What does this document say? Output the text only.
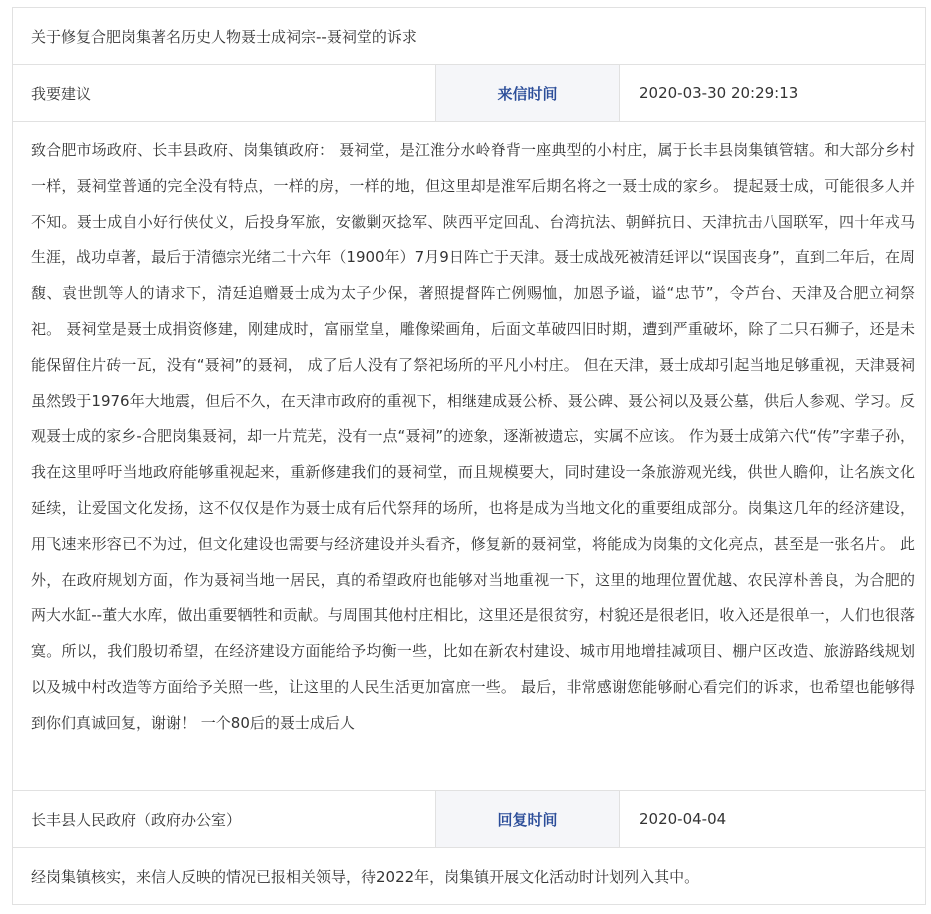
关于修复合肥岗集著名历史人物聂士成祠宗--聂祠堂的诉求
我要建议	来信时间	2020-03-30 20:29:13
致合肥市场政府、长丰县政府、岗集镇政府： 聂祠堂，是江淮分水岭脊背一座典型的小村庄，属于长丰县岗集镇管辖。和大部分乡村一样，聂祠堂普通的完全没有特点，一样的房，一样的地，但这里却是淮军后期名将之一聂士成的家乡。 提起聂士成，可能很多人并不知。聂士成自小好行侠仗义，后投身军旅，安徽剿灭捻军、陕西平定回乱、台湾抗法、朝鲜抗日、天津抗击八国联军，四十年戎马生涯，战功卓著，最后于清德宗光绪二十六年（1900年）7月9日阵亡于天津。聂士成战死被清廷评以“误国丧身”，直到二年后，在周馥、袁世凯等人的请求下，清廷追赠聂士成为太子少保，著照提督阵亡例赐恤，加恩予谥，谥“忠节”，令芦台、天津及合肥立祠祭祀。 聂祠堂是聂士成捐资修建，刚建成时，富丽堂皇，雕像梁画角，后面文革破四旧时期，遭到严重破坏，除了二只石狮子，还是未能保留住片砖一瓦，没有“聂祠”的聂祠， 成了后人没有了祭祀场所的平凡小村庄。 但在天津，聂士成却引起当地足够重视，天津聂祠虽然毁于1976年大地震，但后不久，在天津市政府的重视下，相继建成聂公桥、聂公碑、聂公祠以及聂公墓，供后人参观、学习。反观聂士成的家乡-合肥岗集聂祠，却一片荒芜，没有一点“聂祠”的迹象，逐渐被遗忘，实属不应该。 作为聂士成第六代“传”字辈子孙，我在这里呼吁当地政府能够重视起来，重新修建我们的聂祠堂，而且规模要大，同时建设一条旅游观光线，供世人瞻仰，让名族文化延续，让爱国文化发扬，这不仅仅是作为聂士成有后代祭拜的场所，也将是成为当地文化的重要组成部分。岗集这几年的经济建设，用飞速来形容已不为过，但文化建设也需要与经济建设并头看齐，修复新的聂祠堂，将能成为岗集的文化亮点，甚至是一张名片。 此外，在政府规划方面，作为聂祠当地一居民，真的希望政府也能够对当地重视一下，这里的地理位置优越、农民淳朴善良，为合肥的两大水缸--董大水库，做出重要牺牲和贡献。与周围其他村庄相比，这里还是很贫穷，村貌还是很老旧，收入还是很单一，人们也很落寞。所以，我们殷切希望，在经济建设方面能给予均衡一些，比如在新农村建设、城市用地增挂减项目、棚户区改造、旅游路线规划以及城中村改造等方面给予关照一些，让这里的人民生活更加富庶一些。 最后，非常感谢您能够耐心看完们的诉求，也希望也能够得到你们真诚回复，谢谢！ 一个80后的聂士成后人
长丰县人民政府（政府办公室）	回复时间	2020-04-04
经岗集镇核实，来信人反映的情况已报相关领导，待2022年，岗集镇开展文化活动时计划列入其中。
